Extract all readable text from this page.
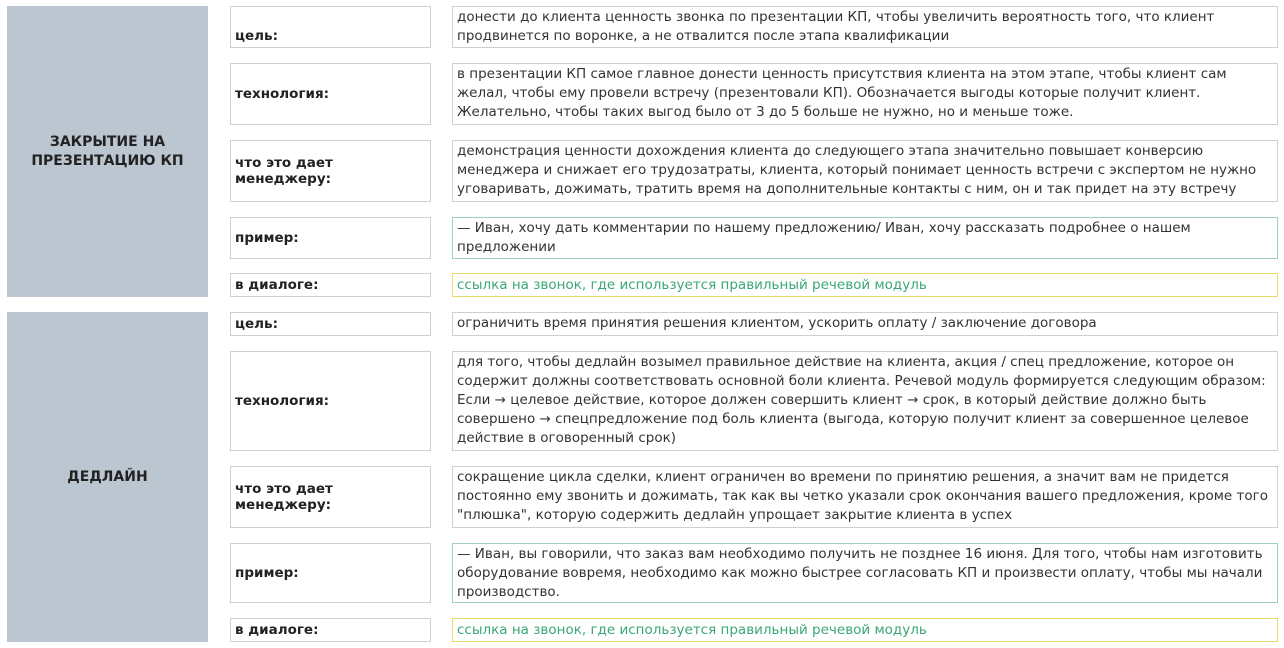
ЗАКРЫТИЕ НА ПРЕЗЕНТАЦИЮ КП
цель:
донести до клиента ценность звонка по презентации КП, чтобы увеличить вероятность того, что клиент продвинется по воронке, а не отвалится после этапа квалификации
технология:
в презентации КП самое главное донести ценность присутствия клиента на этом этапе, чтобы клиент сам желал, чтобы ему провели встречу (презентовали КП). Обозначается выгоды которые получит клиент. Желательно, чтобы таких выгод было от 3 до 5 больше не нужно, но и меньше тоже.
что это дает менеджеру:
демонстрация ценности дохождения клиента до следующего этапа значительно повышает конверсию менеджера и снижает его трудозатраты, клиента, который понимает ценность встречи с экспертом не нужно уговаривать, дожимать, тратить время на дополнительные контакты с ним, он и так придет на эту встречу
пример:
— Иван, хочу дать комментарии по нашему предложению/ Иван, хочу рассказать подробнее о нашем предложении
в диалоге:	ссылка на звонок, где используется правильный речевой модуль
ДЕДЛАЙН
цель:	ограничить время принятия решения клиентом, ускорить оплату / заключение договора
технология:
для того, чтобы дедлайн возымел правильное действие на клиента, акция / спец предложение, которое он содержит должны соответствовать основной боли клиента. Речевой модуль формируется следующим образом: Если → целевое действие, которое должен совершить клиент → срок, в который действие должно быть совершено → спецпредложение под боль клиента (выгода, которую получит клиент за совершенное целевое действие в оговоренный срок)
что это дает менеджеру:
сокращение цикла сделки, клиент ограничен во времени по принятию решения, а значит вам не придется постоянно ему звонить и дожимать, так как вы четко указали срок окончания вашего предложения, кроме того "плюшка", которую содержить дедлайн упрощает закрытие клиента в успех
пример:
— Иван, вы говорили, что заказ вам необходимо получить не позднее 16 июня. Для того, чтобы нам изготовить оборудование вовремя, необходимо как можно быстрее согласовать КП и произвести оплату, чтобы мы начали производство.
в диалоге:	ссылка на звонок, где используется правильный речевой модуль
